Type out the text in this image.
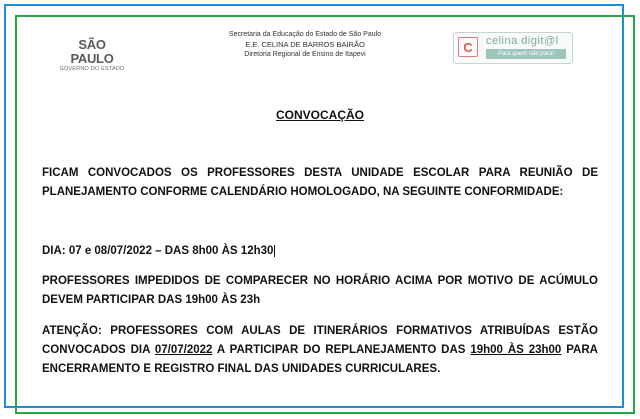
SÃO PAULO
GOVERNO DO ESTADO
Secretaria da Educação do Estado de São Paulo
E.E. CELINA DE BARROS BAIRÃO
Diretoria Regional de Ensino de Itapevi	C	celina digit@l
Para quem não para!
CONVOCAÇÃO
FICAM CONVOCADOS OS PROFESSORES DESTA UNIDADE ESCOLAR PARA REUNIÃO DE PLANEJAMENTO CONFORME CALENDÁRIO HOMOLOGADO, NA SEGUINTE CONFORMIDADE:
DIA: 07 e 08/07/2022 – DAS 8h00 ÀS 12h30
PROFESSORES IMPEDIDOS DE COMPARECER NO HORÁRIO ACIMA POR MOTIVO DE ACÚMULO DEVEM PARTICIPAR DAS 19h00 ÀS 23h
ATENÇÃO: PROFESSORES COM AULAS DE ITINERÁRIOS FORMATIVOS ATRIBUÍDAS ESTÃO CONVOCADOS DIA 07/07/2022 A PARTICIPAR DO REPLANEJAMENTO DAS 19h00 ÀS 23h00 PARA ENCERRAMENTO E REGISTRO FINAL DAS UNIDADES CURRICULARES.
